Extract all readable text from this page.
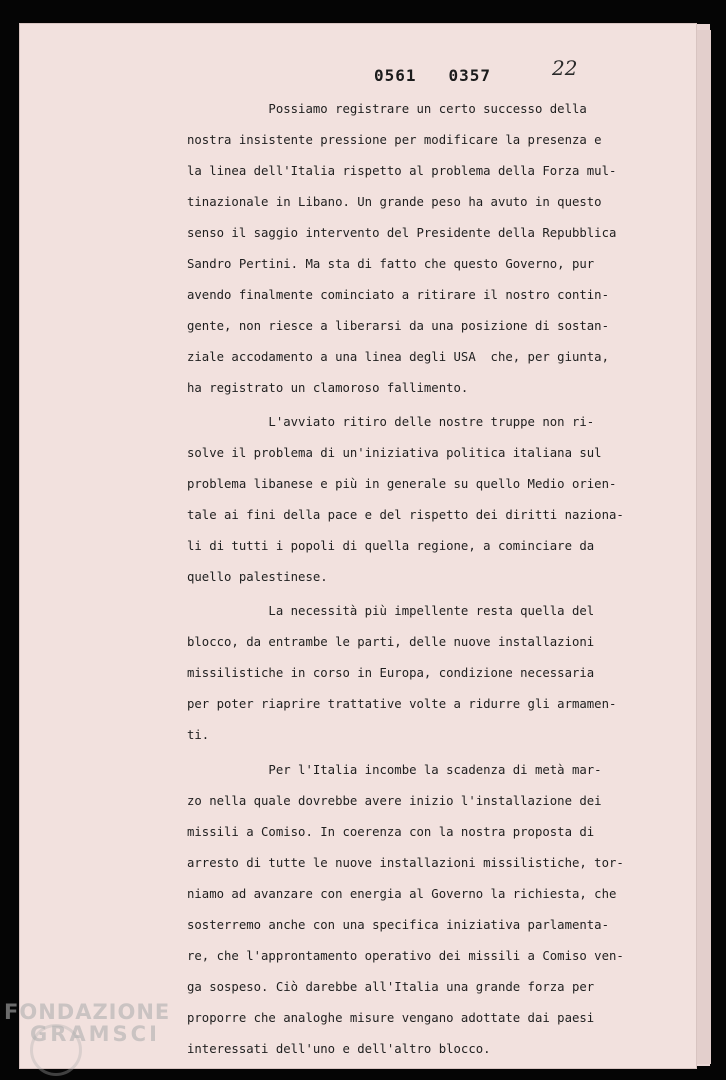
0561 0357	22
Possiamo registrare un certo successo della
nostra insistente pressione per modificare la presenza e
la linea dell'Italia rispetto al problema della Forza mul-
tinazionale in Libano. Un grande peso ha avuto in questo
senso il saggio intervento del Presidente della Repubblica
Sandro Pertini. Ma sta di fatto che questo Governo, pur
avendo finalmente cominciato a ritirare il nostro contin-
gente, non riesce a liberarsi da una posizione di sostan-
ziale accodamento a una linea degli USA  che, per giunta,
ha registrato un clamoroso fallimento.
L'avviato ritiro delle nostre truppe non ri-
solve il problema di un'iniziativa politica italiana sul
problema libanese e più in generale su quello Medio orien-
tale ai fini della pace e del rispetto dei diritti naziona-
li di tutti i popoli di quella regione, a cominciare da
quello palestinese.
La necessità più impellente resta quella del
blocco, da entrambe le parti, delle nuove installazioni
missilistiche in corso in Europa, condizione necessaria
per poter riaprire trattative volte a ridurre gli armamen-
ti.
Per l'Italia incombe la scadenza di metà mar-
zo nella quale dovrebbe avere inizio l'installazione dei
missili a Comiso. In coerenza con la nostra proposta di
arresto di tutte le nuove installazioni missilistiche, tor-
niamo ad avanzare con energia al Governo la richiesta, che
sosterremo anche con una specifica iniziativa parlamenta-
re, che l'approntamento operativo dei missili a Comiso ven-
ga sospeso. Ciò darebbe all'Italia una grande forza per
proporre che analoghe misure vengano adottate dai paesi
interessati dell'uno e dell'altro blocco.
FONDAZIONE
GRAMSCI
